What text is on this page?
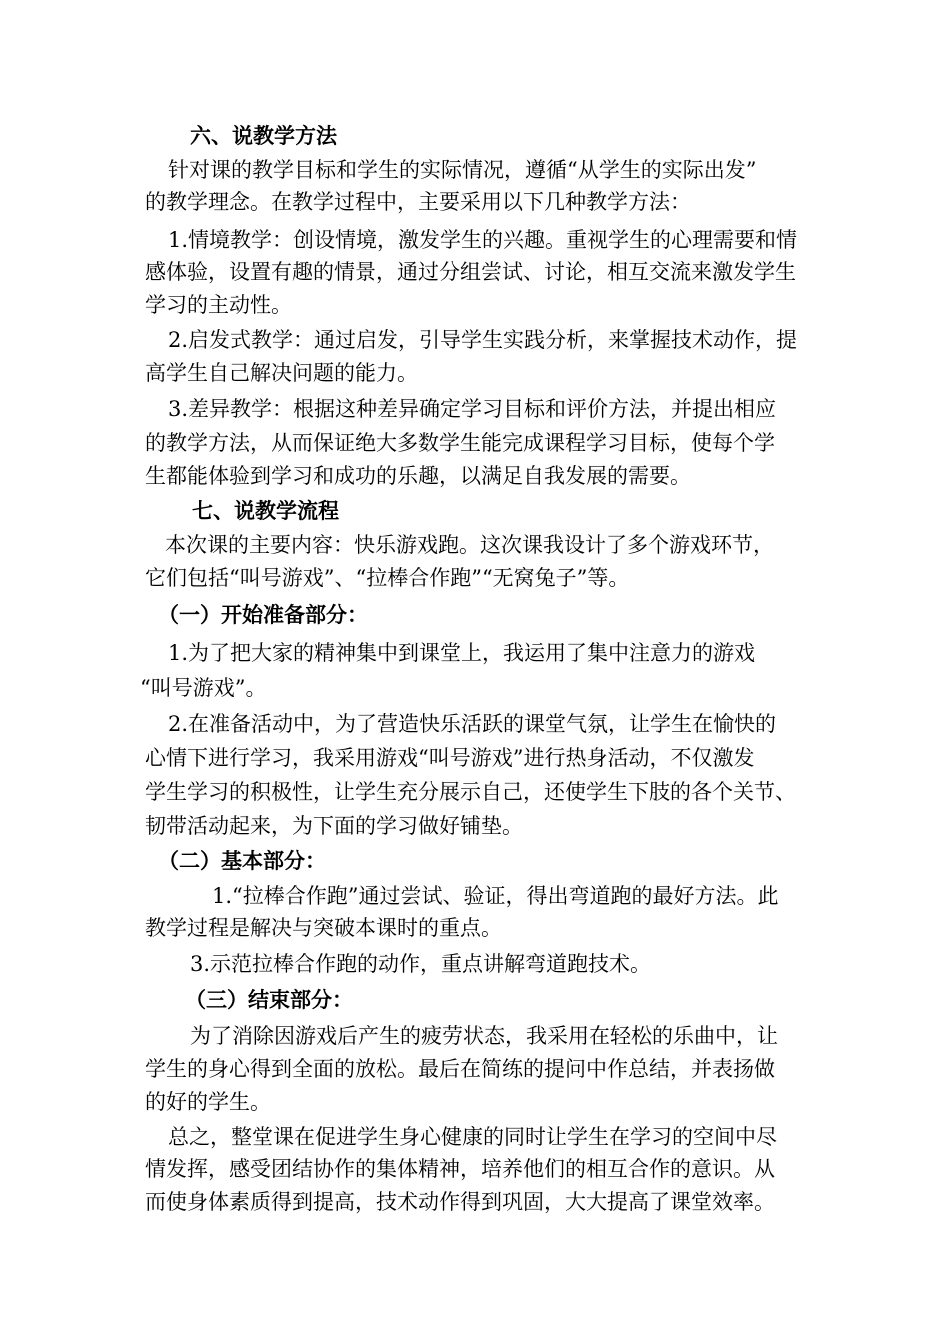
六、说教学方法
针对课的教学目标和学生的实际情况，遵循“从学生的实际出发”
的教学理念。在教学过程中，主要采用以下几种教学方法：
1.情境教学：创设情境，激发学生的兴趣。重视学生的心理需要和情
感体验，设置有趣的情景，通过分组尝试、讨论，相互交流来激发学生
学习的主动性。
2.启发式教学：通过启发，引导学生实践分析，来掌握技术动作，提
高学生自己解决问题的能力。
3.差异教学：根据这种差异确定学习目标和评价方法，并提出相应
的教学方法，从而保证绝大多数学生能完成课程学习目标，使每个学
生都能体验到学习和成功的乐趣，以满足自我发展的需要。
七、说教学流程
本次课的主要内容：快乐游戏跑。这次课我设计了多个游戏环节，
它们包括“叫号游戏”、“拉棒合作跑”“无窝兔子”等。
（一）开始准备部分：
1.为了把大家的精神集中到课堂上，我运用了集中注意力的游戏
“叫号游戏”。
2.在准备活动中，为了营造快乐活跃的课堂气氛，让学生在愉快的
心情下进行学习，我采用游戏“叫号游戏”进行热身活动，不仅激发
学生学习的积极性，让学生充分展示自己，还使学生下肢的各个关节、
韧带活动起来，为下面的学习做好铺垫。
（二）基本部分：
1.“拉棒合作跑”通过尝试、验证，得出弯道跑的最好方法。此
教学过程是解决与突破本课时的重点。
3.示范拉棒合作跑的动作，重点讲解弯道跑技术。
（三）结束部分：
为了消除因游戏后产生的疲劳状态，我采用在轻松的乐曲中，让
学生的身心得到全面的放松。最后在简练的提问中作总结，并表扬做
的好的学生。
总之，整堂课在促进学生身心健康的同时让学生在学习的空间中尽
情发挥，感受团结协作的集体精神，培养他们的相互合作的意识。从
而使身体素质得到提高，技术动作得到巩固，大大提高了课堂效率。
